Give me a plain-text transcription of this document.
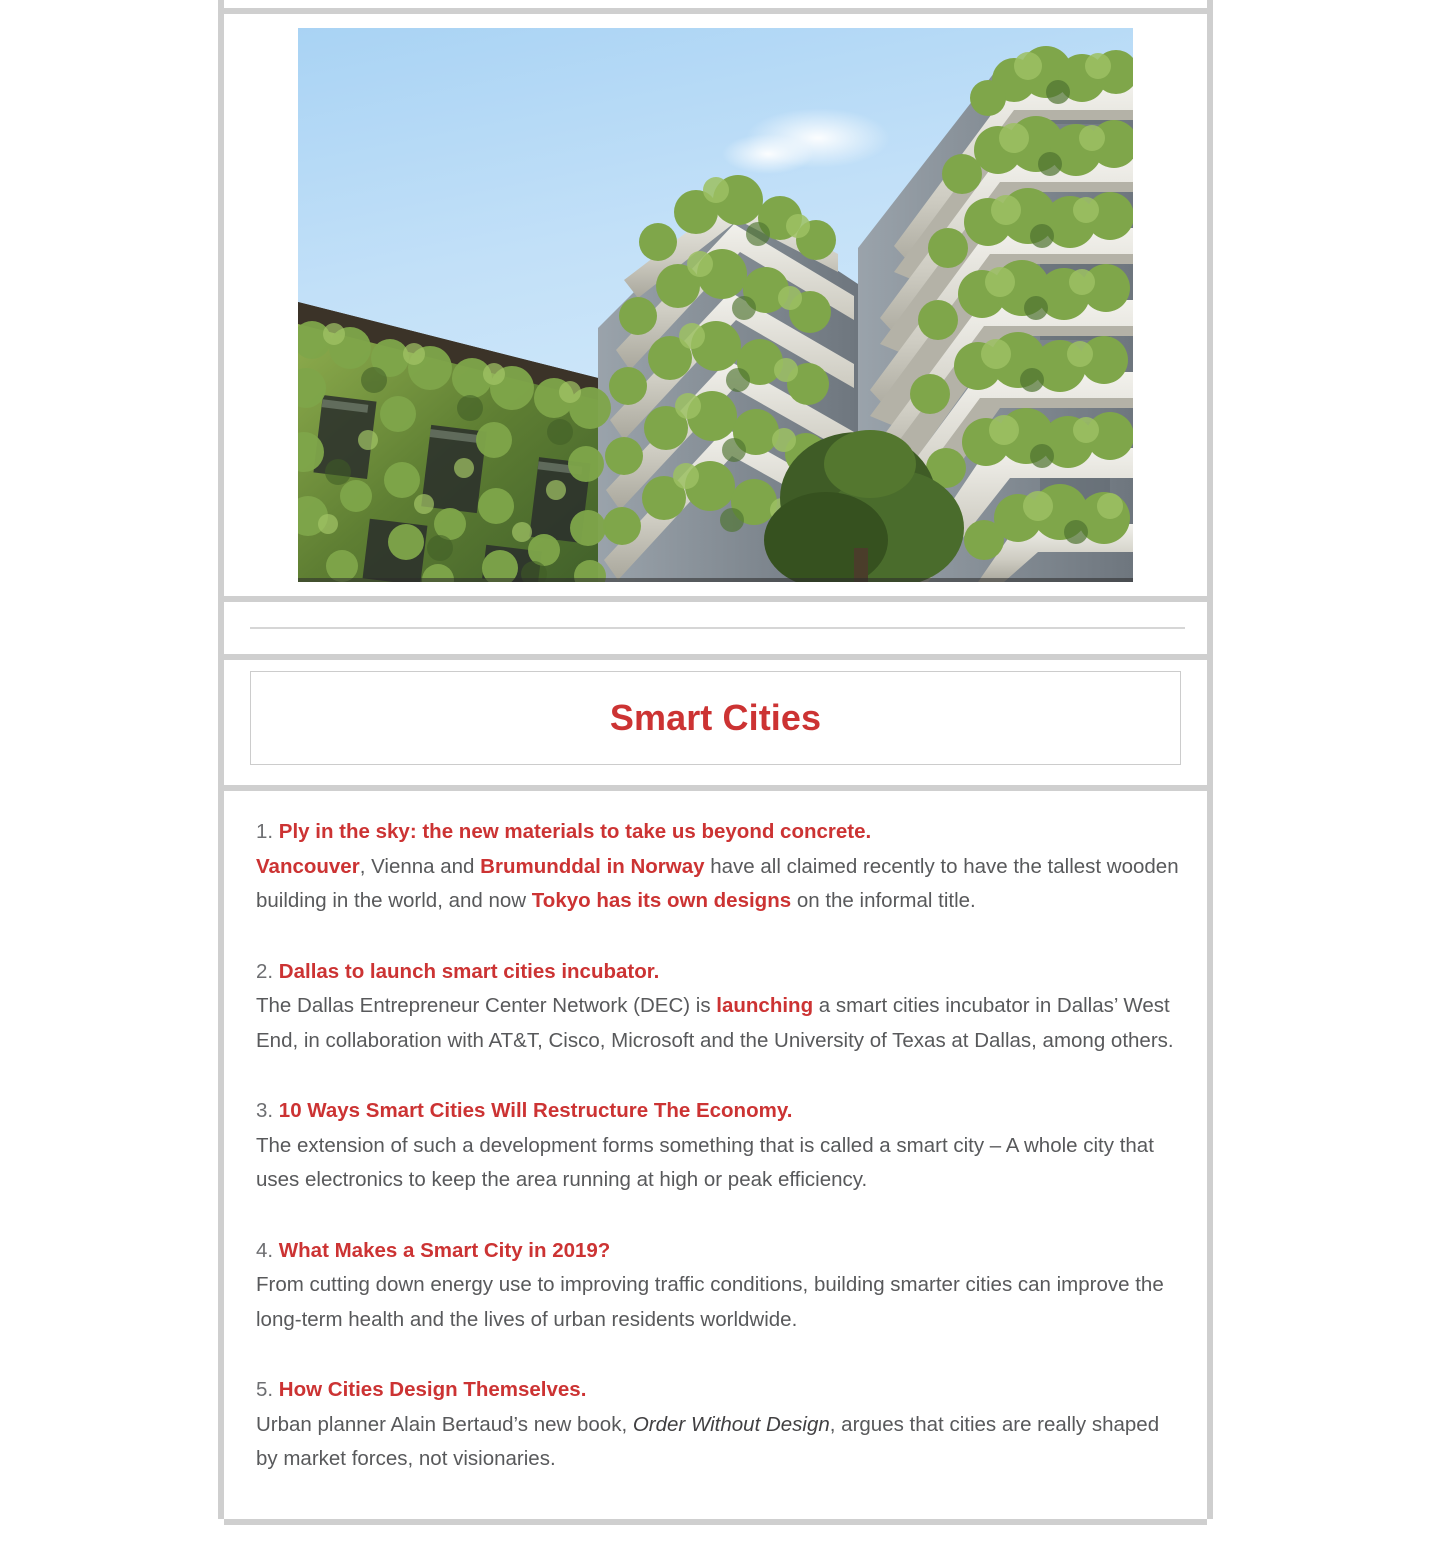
Smart Cities
1. Ply in the sky: the new materials to take us beyond concrete.
Vancouver, Vienna and Brumunddal in Norway have all claimed recently to have the tallest wooden building in the world, and now Tokyo has its own designs on the informal title.
2. Dallas to launch smart cities incubator.
The Dallas Entrepreneur Center Network (DEC) is launching a smart cities incubator in Dallas’ West End, in collaboration with AT&T, Cisco, Microsoft and the University of Texas at Dallas, among others.
3. 10 Ways Smart Cities Will Restructure The Economy.
The extension of such a development forms something that is called a smart city – A whole city that uses electronics to keep the area running at high or peak efficiency.
4. What Makes a Smart City in 2019?
From cutting down energy use to improving traffic conditions, building smarter cities can improve the long-term health and the lives of urban residents worldwide.
5. How Cities Design Themselves.
Urban planner Alain Bertaud’s new book, Order Without Design, argues that cities are really shaped by market forces, not visionaries.
